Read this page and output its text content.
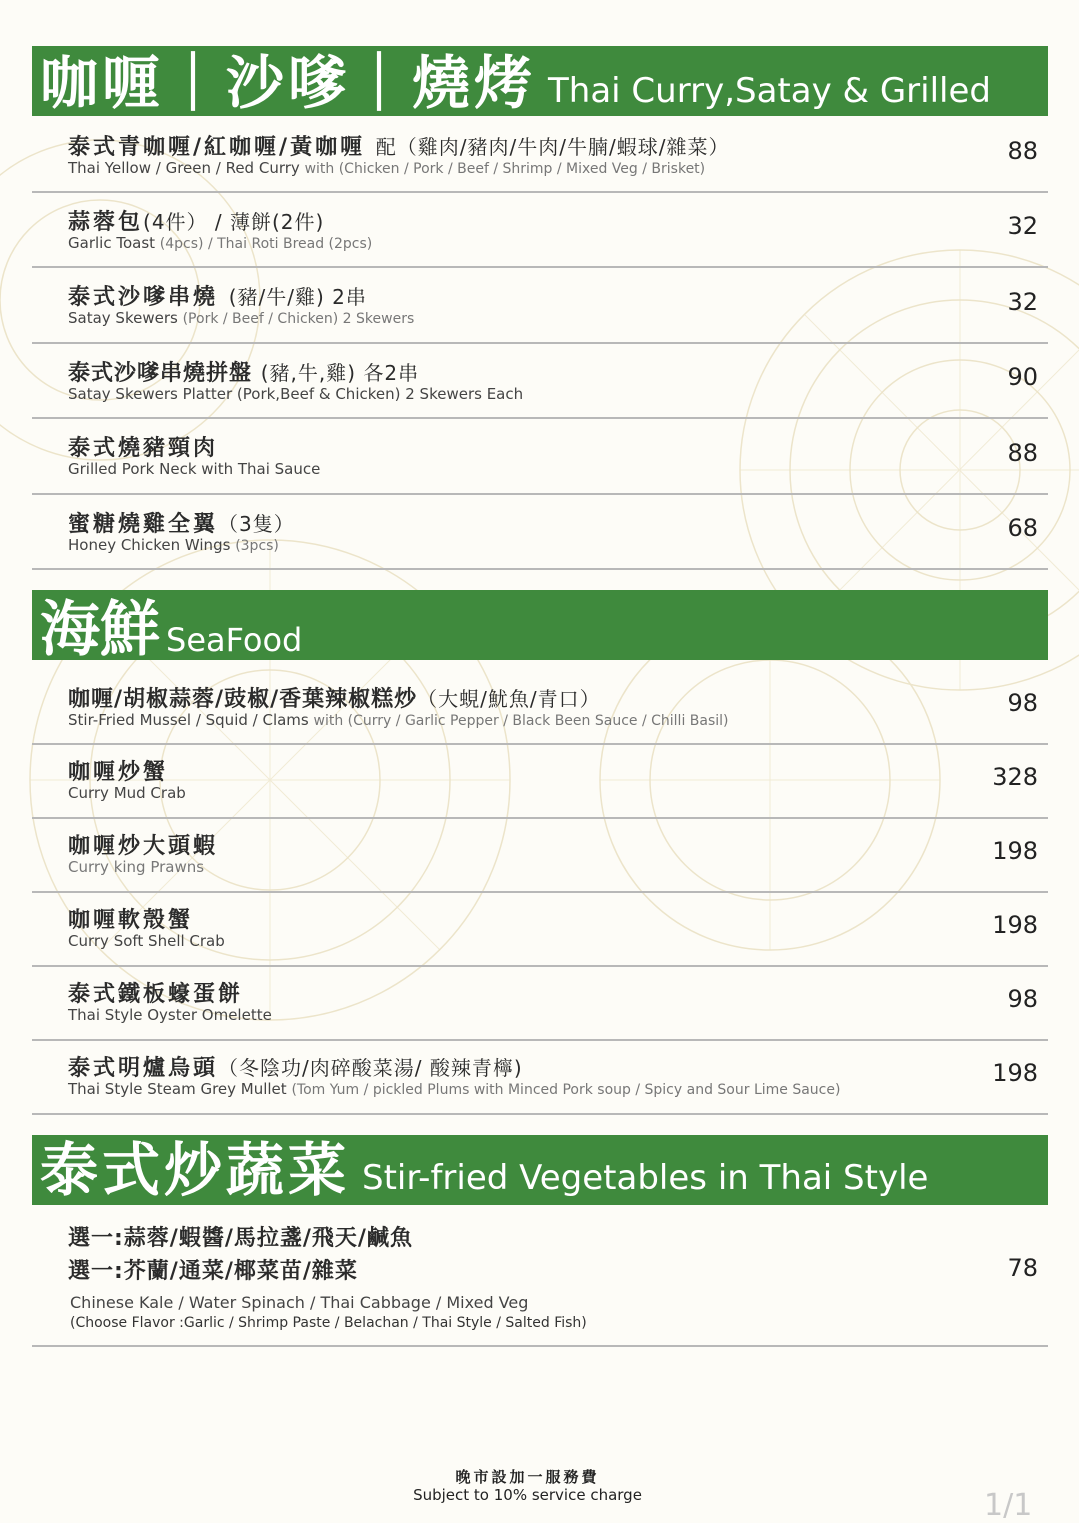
咖喱｜沙嗲｜燒烤 Thai Curry,Satay & Grilled
泰式青咖喱/紅咖喱/黃咖喱 配（雞肉/豬肉/牛肉/牛腩/蝦球/雜菜）
Thai Yellow / Green / Red Curry with (Chicken / Pork / Beef / Shrimp / Mixed Veg / Brisket)
88
蒜蓉包(4件） / 薄餅(2件)
Garlic Toast (4pcs) / Thai Roti Bread (2pcs)
32
泰式沙嗲串燒 (豬/牛/雞) 2串
Satay Skewers (Pork / Beef / Chicken) 2 Skewers
32
泰式沙嗲串燒拼盤 (豬,牛,雞) 各2串
Satay Skewers Platter (Pork,Beef & Chicken) 2 Skewers Each
90
泰式燒豬頸肉
Grilled Pork Neck with Thai Sauce
88
蜜糖燒雞全翼（3隻）
Honey Chicken Wings (3pcs)
68
海鮮 SeaFood
咖喱/胡椒蒜蓉/豉椒/香葉辣椒糕炒（大蜆/魷魚/青口）
Stir-Fried Mussel / Squid / Clams with (Curry / Garlic Pepper / Black Been Sauce / Chilli Basil)
98
咖喱炒蟹
Curry Mud Crab
328
咖喱炒大頭蝦
Curry king Prawns
198
咖喱軟殼蟹
Curry Soft Shell Crab
198
泰式鐵板蠔蛋餅
Thai Style Oyster Omelette
98
泰式明爐烏頭（冬陰功/肉碎酸菜湯/ 酸辣青檸)
Thai Style Steam Grey Mullet (Tom Yum / pickled Plums with Minced Pork soup / Spicy and Sour Lime Sauce)
198
泰式炒蔬菜 Stir-fried Vegetables in Thai Style
選一:蒜蓉/蝦醬/馬拉盞/飛天/鹹魚
選一:芥蘭/通菜/椰菜苗/雜菜
Chinese Kale / Water Spinach / Thai Cabbage / Mixed Veg
(Choose Flavor :Garlic / Shrimp Paste / Belachan / Thai Style / Salted Fish)
78
晚市設加一服務費
Subject to 10% service charge	1/1
